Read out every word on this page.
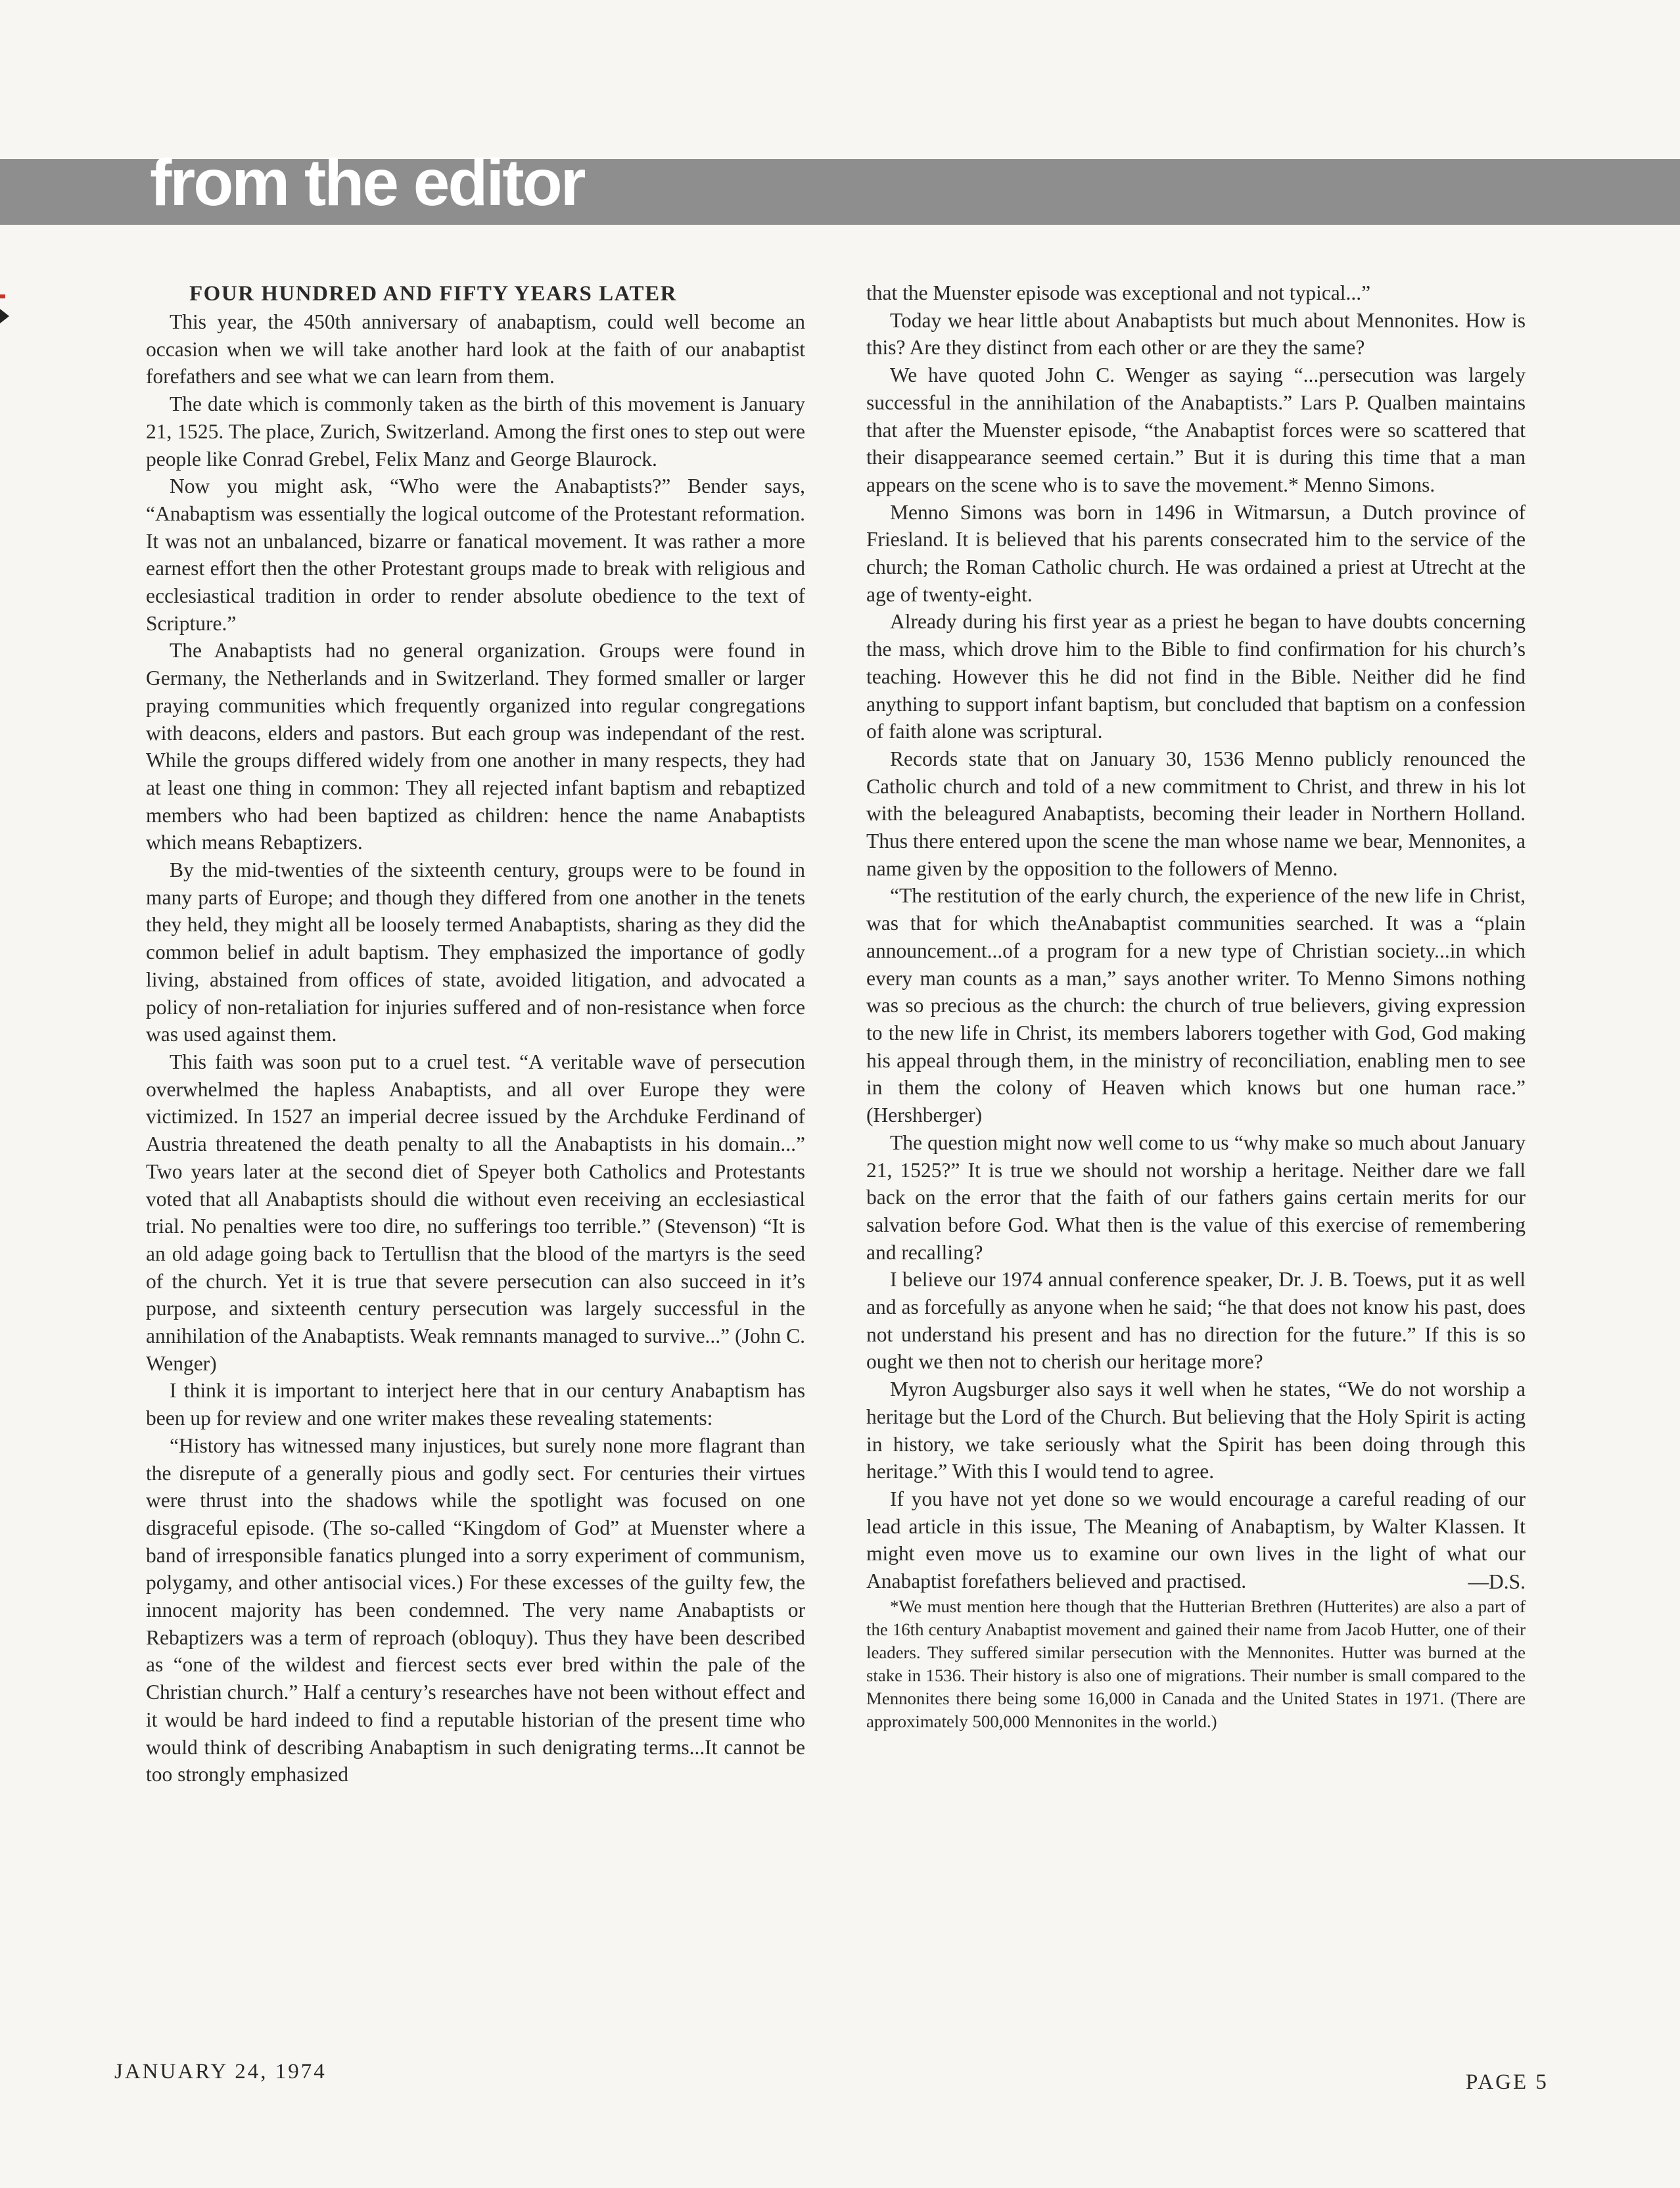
from the editor
FOUR HUNDRED AND FIFTY YEARS LATER

This year, the 450th anniversary of anabaptism, could well become an occasion when we will take another hard look at the faith of our anabaptist forefathers and see what we can learn from them.

The date which is commonly taken as the birth of this movement is January 21, 1525. The place, Zurich, Switzerland. Among the first ones to step out were people like Conrad Grebel, Felix Manz and George Blaurock.

Now you might ask, “Who were the Anabaptists?” Bender says, “Anabaptism was essentially the logical outcome of the Protestant reformation. It was not an unbalanced, bizarre or fanatical movement. It was rather a more earnest effort then the other Protestant groups made to break with religious and ecclesiastical tradition in order to render absolute obedience to the text of Scripture.”

The Anabaptists had no general organization. Groups were found in Germany, the Netherlands and in Switzerland. They formed smaller or larger praying communities which frequently organized into regular congregations with deacons, elders and pastors. But each group was independant of the rest. While the groups differed widely from one another in many respects, they had at least one thing in common: They all rejected infant baptism and rebaptized members who had been baptized as children: hence the name Anabaptists which means Rebaptizers.

By the mid-twenties of the sixteenth century, groups were to be found in many parts of Europe; and though they differed from one another in the tenets they held, they might all be loosely termed Anabaptists, sharing as they did the common belief in adult baptism. They emphasized the importance of godly living, abstained from offices of state, avoided litigation, and advocated a policy of non-retaliation for injuries suffered and of non-resistance when force was used against them.

This faith was soon put to a cruel test. “A veritable wave of persecution overwhelmed the hapless Anabaptists, and all over Europe they were victimized. In 1527 an imperial decree issued by the Archduke Ferdinand of Austria threatened the death penalty to all the Anabaptists in his domain...” Two years later at the second diet of Speyer both Catholics and Protestants voted that all Anabaptists should die without even receiving an ecclesiastical trial. No penalties were too dire, no sufferings too terrible.” (Stevenson) “It is an old adage going back to Tertullisn that the blood of the martyrs is the seed of the church. Yet it is true that severe persecution can also succeed in it’s purpose, and sixteenth century persecution was largely successful in the annihilation of the Anabaptists. Weak remnants managed to survive...” (John C. Wenger)

I think it is important to interject here that in our century Anabaptism has been up for review and one writer makes these revealing statements:

“History has witnessed many injustices, but surely none more flagrant than the disrepute of a generally pious and godly sect. For centuries their virtues were thrust into the shadows while the spotlight was focused on one disgraceful episode. (The so-called “Kingdom of God” at Muenster where a band of irresponsible fanatics plunged into a sorry experiment of communism, polygamy, and other antisocial vices.) For these excesses of the guilty few, the innocent majority has been condemned. The very name Anabaptists or Rebaptizers was a term of reproach (obloquy). Thus they have been described as “one of the wildest and fiercest sects ever bred within the pale of the Christian church.” Half a century’s researches have not been without effect and it would be hard indeed to find a reputable historian of the present time who would think of describing Anabaptism in such denigrating terms...It cannot be too strongly emphasized

that the Muenster episode was exceptional and not typical...”

Today we hear little about Anabaptists but much about Mennonites. How is this? Are they distinct from each other or are they the same?

We have quoted John C. Wenger as saying “...persecution was largely successful in the annihilation of the Anabaptists.” Lars P. Qualben maintains that after the Muenster episode, “the Anabaptist forces were so scattered that their disappearance seemed certain.” But it is during this time that a man appears on the scene who is to save the movement.* Menno Simons.

Menno Simons was born in 1496 in Witmarsun, a Dutch province of Friesland. It is believed that his parents consecrated him to the service of the church; the Roman Catholic church. He was ordained a priest at Utrecht at the age of twenty-eight.

Already during his first year as a priest he began to have doubts concerning the mass, which drove him to the Bible to find confirmation for his church’s teaching. However this he did not find in the Bible. Neither did he find anything to support infant baptism, but concluded that baptism on a confession of faith alone was scriptural.

Records state that on January 30, 1536 Menno publicly renounced the Catholic church and told of a new commitment to Christ, and threw in his lot with the beleagured Anabaptists, becoming their leader in Northern Holland. Thus there entered upon the scene the man whose name we bear, Mennonites, a name given by the opposition to the followers of Menno.

“The restitution of the early church, the experience of the new life in Christ, was that for which theAnabaptist communities searched. It was a “plain announcement...of a program for a new type of Christian society...in which every man counts as a man,” says another writer. To Menno Simons nothing was so precious as the church: the church of true believers, giving expression to the new life in Christ, its members laborers together with God, God making his appeal through them, in the ministry of reconciliation, enabling men to see in them the colony of Heaven which knows but one human race.” (Hershberger)

The question might now well come to us “why make so much about January 21, 1525?” It is true we should not worship a heritage. Neither dare we fall back on the error that the faith of our fathers gains certain merits for our salvation before God. What then is the value of this exercise of remembering and recalling?

I believe our 1974 annual conference speaker, Dr. J. B. Toews, put it as well and as forcefully as anyone when he said; “he that does not know his past, does not understand his present and has no direction for the future.” If this is so ought we then not to cherish our heritage more?

Myron Augsburger also says it well when he states, “We do not worship a heritage but the Lord of the Church. But believing that the Holy Spirit is acting in history, we take seriously what the Spirit has been doing through this heritage.” With this I would tend to agree.

If you have not yet done so we would encourage a careful reading of our lead article in this issue, The Meaning of Anabaptism, by Walter Klassen. It might even move us to examine our own lives in the light of what our Anabaptist forefathers believed and practised.	—D.S.

*We must mention here though that the Hutterian Brethren (Hutterites) are also a part of the 16th century Anabaptist movement and gained their name from Jacob Hutter, one of their leaders. They suffered similar persecution with the Mennonites. Hutter was burned at the stake in 1536. Their history is also one of migrations. Their number is small compared to the Mennonites there being some 16,000 in Canada and the United States in 1971. (There are approximately 500,000 Mennonites in the world.)

JANUARY 24, 1974	PAGE 5
